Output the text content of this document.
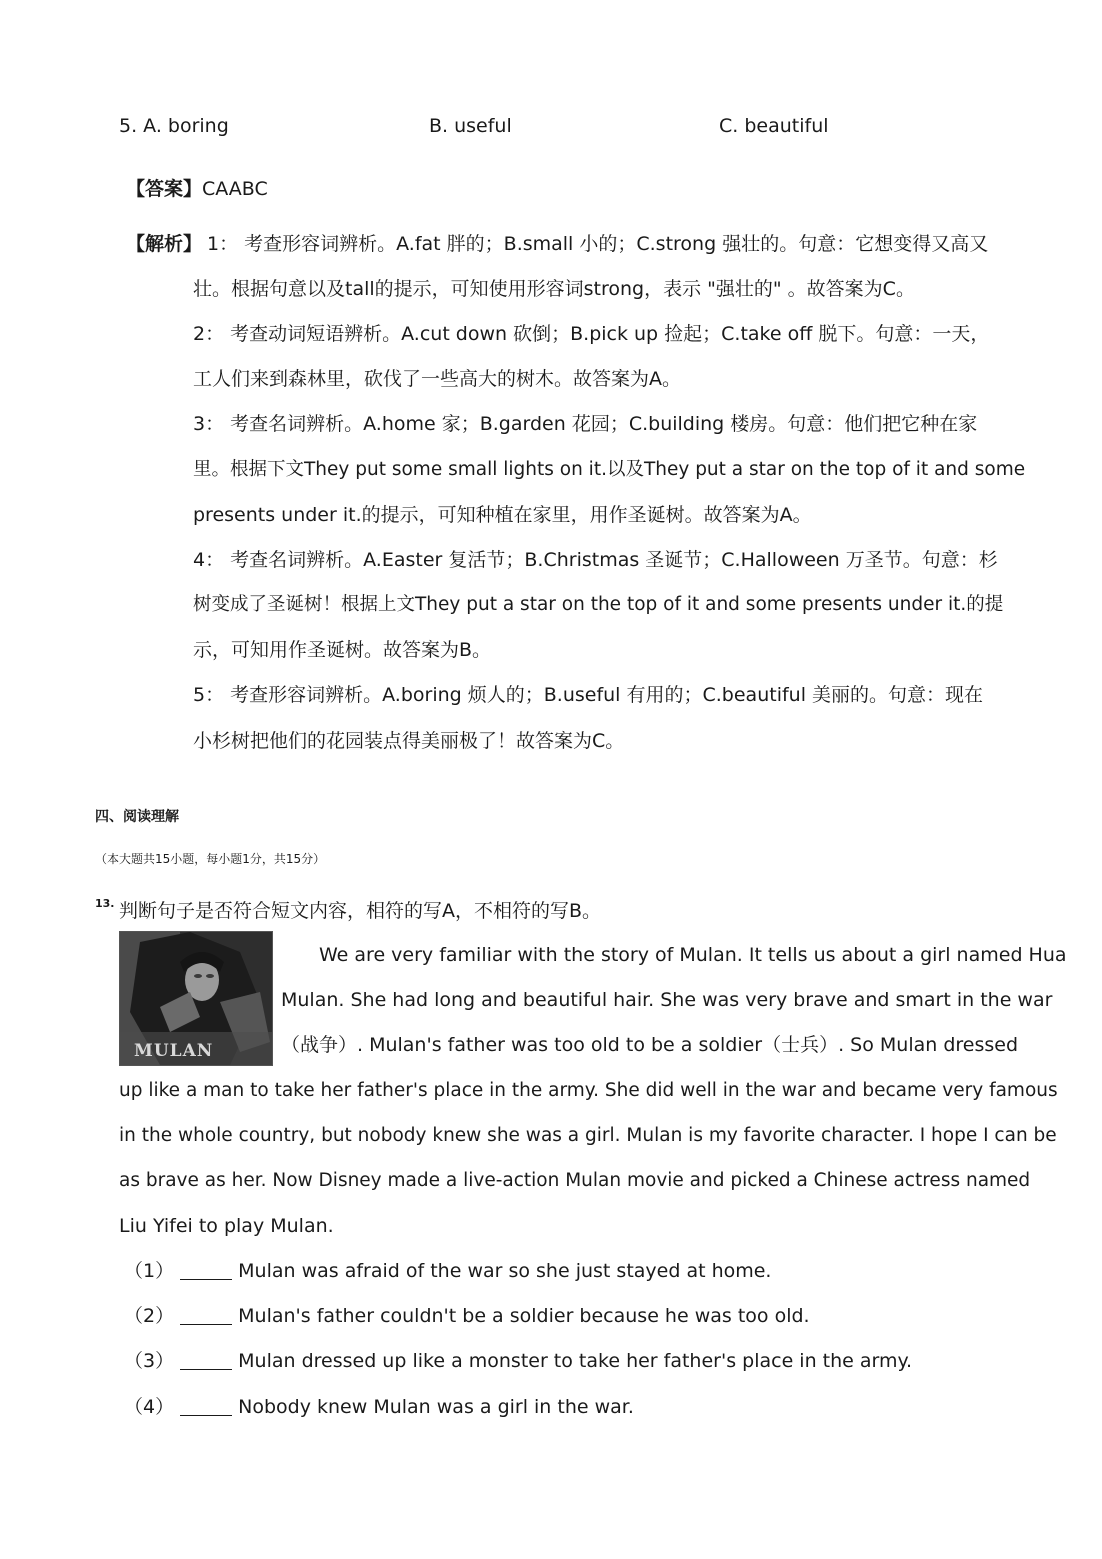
5. A. boring	B. useful	C. beautiful
【答案】CAABC
【解析】 1： 考查形容词辨析。A.fat 胖的；B.small 小的；C.strong 强壮的。句意：它想变得又高又
壮。根据句意以及tall的提示，可知使用形容词strong，表示 "强壮的" 。故答案为C。
2： 考查动词短语辨析。A.cut down 砍倒；B.pick up 捡起；C.take off 脱下。句意：一天，
工人们来到森林里，砍伐了一些高大的树木。故答案为A。
3： 考查名词辨析。A.home 家；B.garden 花园；C.building 楼房。句意：他们把它种在家
里。根据下文They put some small lights on it.以及They put a star on the top of it and some
presents under it.的提示，可知种植在家里，用作圣诞树。故答案为A。
4： 考查名词辨析。A.Easter 复活节；B.Christmas 圣诞节；C.Halloween 万圣节。句意：杉
树变成了圣诞树！根据上文They put a star on the top of it and some presents under it.的提
示，可知用作圣诞树。故答案为B。
5： 考查形容词辨析。A.boring 烦人的；B.useful 有用的；C.beautiful 美丽的。句意：现在
小杉树把他们的花园装点得美丽极了！故答案为C。
四、阅读理解
（本大题共15小题，每小题1分，共15分）
13. 判断句子是否符合短文内容，相符的写A，不相符的写B。
MULAN
We are very familiar with the story of Mulan. It tells us about a girl named Hua
Mulan. She had long and beautiful hair. She was very brave and smart in the war
（战争）. Mulan's father was too old to be a soldier（士兵）. So Mulan dressed
up like a man to take her father's place in the army. She did well in the war and became very famous
in the whole country, but nobody knew she was a girl. Mulan is my favorite character. I hope I can be
as brave as her. Now Disney made a live-action Mulan movie and picked a Chinese actress named
Liu Yifei to play Mulan.
（1）	Mulan was afraid of the war so she just stayed at home.
（2）	Mulan's father couldn't be a soldier because he was too old.
（3）	Mulan dressed up like a monster to take her father's place in the army.
（4）	Nobody knew Mulan was a girl in the war.
